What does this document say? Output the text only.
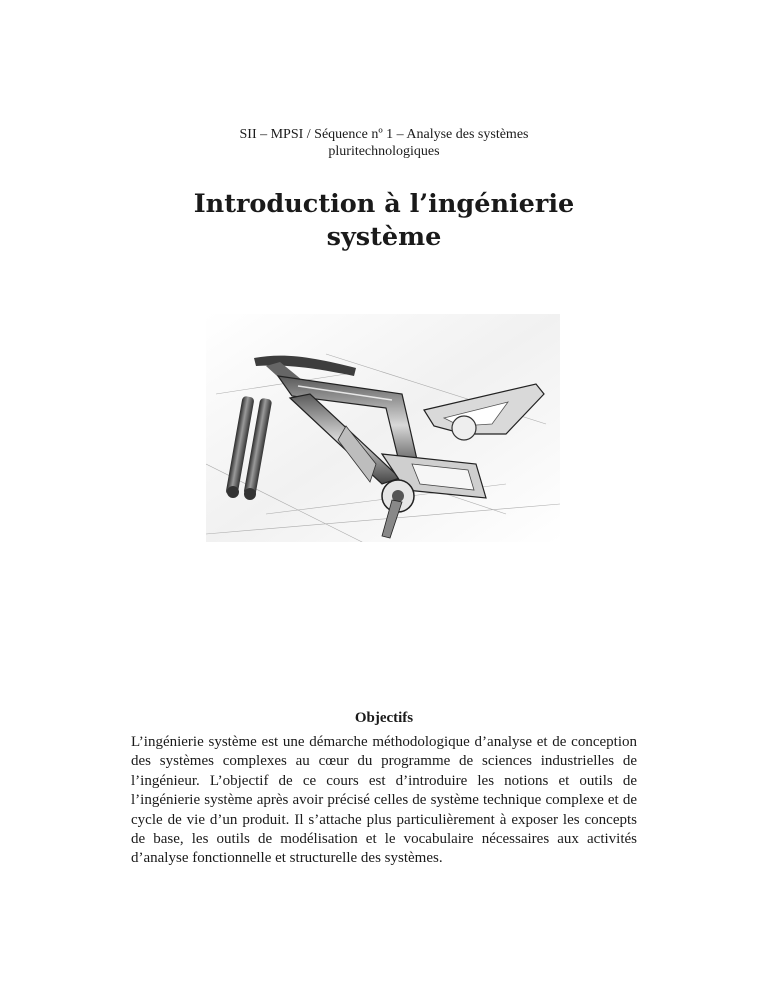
SII – MPSI / Séquence nº 1 – Analyse des systèmes
pluritechnologiques
Introduction à l’ingénierie
système
Objectifs
L’ingénierie système est une démarche méthodologique d’analyse et de conception des systèmes complexes au cœur du programme de sciences industrielles de l’ingénieur. L’objectif de ce cours est d’introduire les notions et outils de l’ingénierie système après avoir précisé celles de système technique complexe et de cycle de vie d’un produit. Il s’attache plus particulièrement à exposer les concepts de base, les outils de modélisation et le vocabulaire nécessaires aux activités d’analyse fonctionnelle et structurelle des systèmes.
